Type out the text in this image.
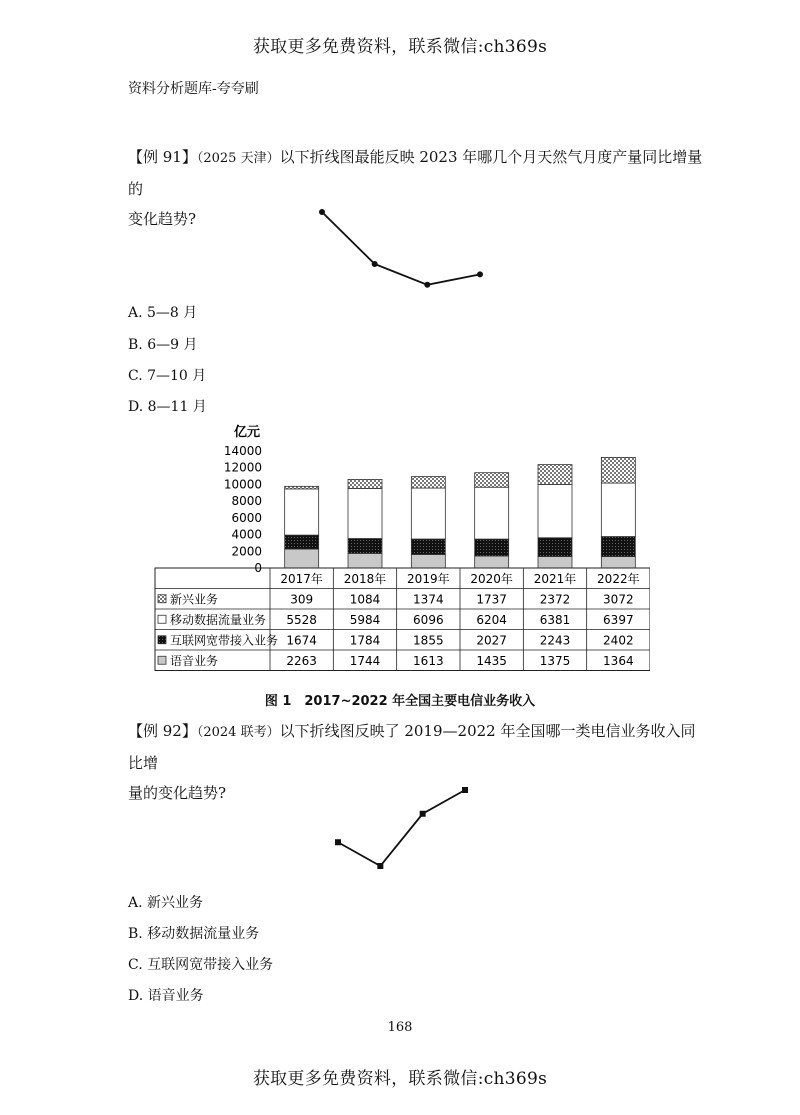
获取更多免费资料，联系微信:ch369s
资料分析题库-夸夸刷
【例 91】（2025 天津）以下折线图最能反映 2023 年哪几个月天然气月度产量同比增量的
变化趋势?
A. 5—8 月
B. 6—9 月
C. 7—10 月
D. 8—11 月
亿元
0
2000
4000
6000
8000
10000
12000
14000
2017年 2018年 2019年 2020年 2021年 2022年
新兴业务	309	1084	1374	1737	2372	3072
移动数据流量业务 5528	5984	6096	6204	6381	6397
互联网宽带接入业务 1674	1784	1855	2027	2243	2402
语音业务	2263	1744	1613	1435	1375	1364
图 1　2017~2022 年全国主要电信业务收入
【例 92】（2024 联考）以下折线图反映了 2019—2022 年全国哪一类电信业务收入同比增
量的变化趋势?
A. 新兴业务
B. 移动数据流量业务
C. 互联网宽带接入业务
D. 语音业务
168
获取更多免费资料，联系微信:ch369s
